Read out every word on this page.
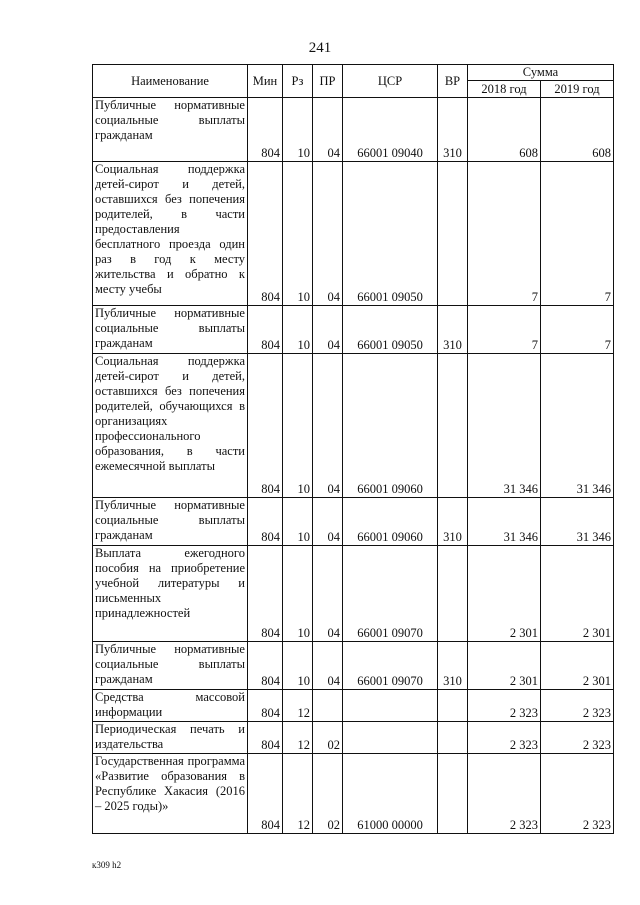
241
Наименование	Мин	Рз	ПР	ЦСР	ВР	Сумма	
						2018 год	2019 год
Публичные нормативные социальные выплаты гражданам	804	10	04	66001 09040	310	608	608
Социальная поддержка детей-сирот и детей, оставшихся без попечения родителей, в части предоставления бесплатного проезда один раз в год к месту жительства и обратно к месту учебы	804	10	04	66001 09050		7	7
Публичные нормативные социальные выплаты гражданам	804	10	04	66001 09050	310	7	7
Социальная поддержка детей-сирот и детей, оставшихся без попечения родителей, обучающихся в организациях профессионального образования, в части ежемесячной выплаты	804	10	04	66001 09060		31 346	31 346
Публичные нормативные социальные выплаты гражданам	804	10	04	66001 09060	310	31 346	31 346
Выплата ежегодного пособия на приобретение учебной литературы и письменных принадлежностей	804	10	04	66001 09070		2 301	2 301
Публичные нормативные социальные выплаты гражданам	804	10	04	66001 09070	310	2 301	2 301
Средства массовой информации	804	12				2 323	2 323
Периодическая печать и издательства	804	12	02			2 323	2 323
Государственная программа «Развитие образования в Республике Хакасия (2016 – 2025 годы)»	804	12	02	61000 00000		2 323	2 323
к309 h2
